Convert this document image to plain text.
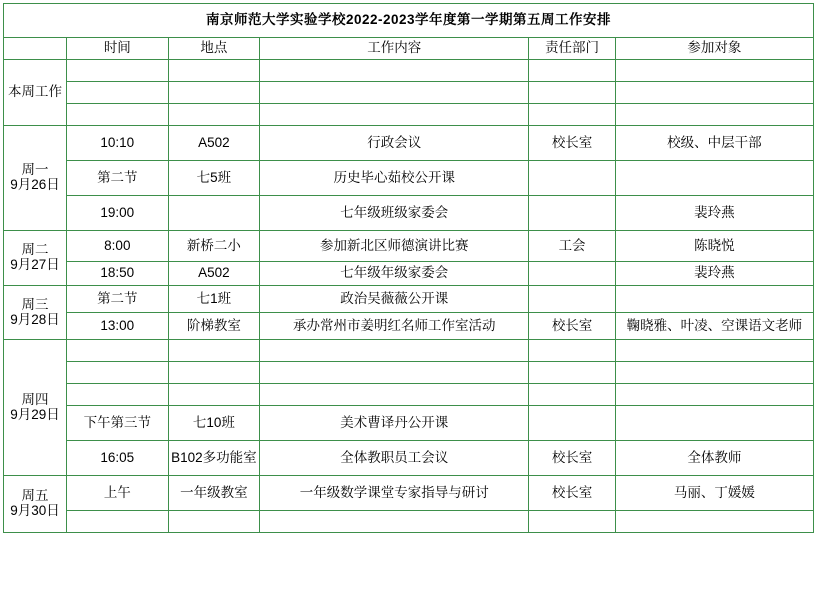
南京师范大学实验学校2022-2023学年度第一学期第五周工作安排					
	时间	地点	工作内容	责任部门	参加对象
本周工作					

周一
9月26日	10:10	A502	行政会议	校长室	校级、中层干部
	第二节	七5班	历史毕心茹校公开课		
	19:00		七年级班级家委会		裴玲燕

周二
9月27日	8:00	新桥二小	参加新北区师德演讲比赛	工会	陈晓悦
	18:50	A502	七年级年级家委会		裴玲燕

周三
9月28日	第二节	七1班	政治吴薇薇公开课		
	13:00	阶梯教室	承办常州市姜明红名师工作室活动	校长室	鞠晓雅、叶凌、空课语文老师

周四
9月29日					

	下午第三节	七10班	美术曹译丹公开课		
	16:05	B102多功能室	全体教职员工会议	校长室	全体教师

周五
9月30日	上午	一年级教室	一年级数学课堂专家指导与研讨	校长室	马丽、丁媛媛
